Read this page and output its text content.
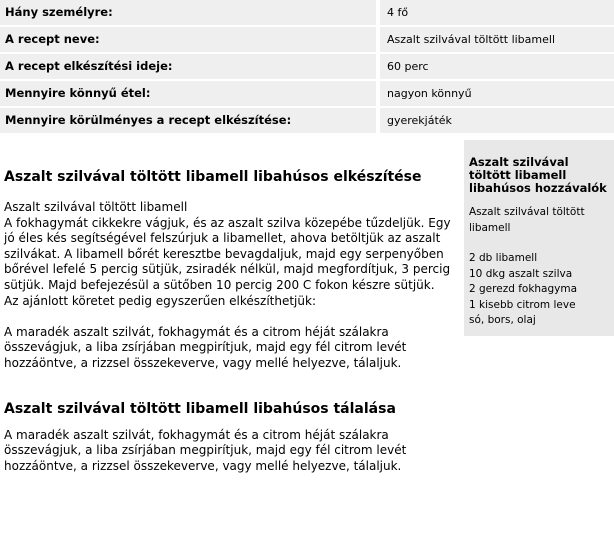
Hány személyre:	4 fő
A recept neve:	Aszalt szilvával töltött libamell
A recept elkészítési ideje:	60 perc
Mennyire könnyű étel:	nagyon könnyű
Mennyire körülményes a recept elkészítése:	gyerekjáték
Aszalt szilvával töltött libamell libahúsos elkészítése
Aszalt szilvával töltött libamell
A fokhagymát cikkekre vágjuk, és az aszalt szilva közepébe tűzdeljük. Egy jó éles kés segítségével felszúrjuk a libamellet, ahova betöltjük az aszalt szilvákat. A libamell bőrét keresztbe bevagdaljuk, majd egy serpenyőben bőrével lefelé 5 percig sütjük, zsiradék nélkül, majd megfordítjuk, 3 percig sütjük. Majd befejezésül a sütőben 10 percig 200 C fokon készre sütjük.
Az ajánlott köretet pedig egyszerűen elkészíthetjük:

A maradék aszalt szilvát, fokhagymát és a citrom héját szálakra összevágjuk, a liba zsírjában megpirítjuk, majd egy fél citrom levét hozzáöntve, a rizzsel összekeverve, vagy mellé helyezve, tálaljuk.
Aszalt szilvával töltött libamell libahúsos tálalása
A maradék aszalt szilvát, fokhagymát és a citrom héját szálakra összevágjuk, a liba zsírjában megpirítjuk, majd egy fél citrom levét hozzáöntve, a rizzsel összekeverve, vagy mellé helyezve, tálaljuk.
Aszalt szilvával töltött libamell libahúsos hozzávalók
Aszalt szilvával töltött libamell
2 db libamell
10 dkg aszalt szilva
2 gerezd fokhagyma
1 kisebb citrom leve
só, bors, olaj
